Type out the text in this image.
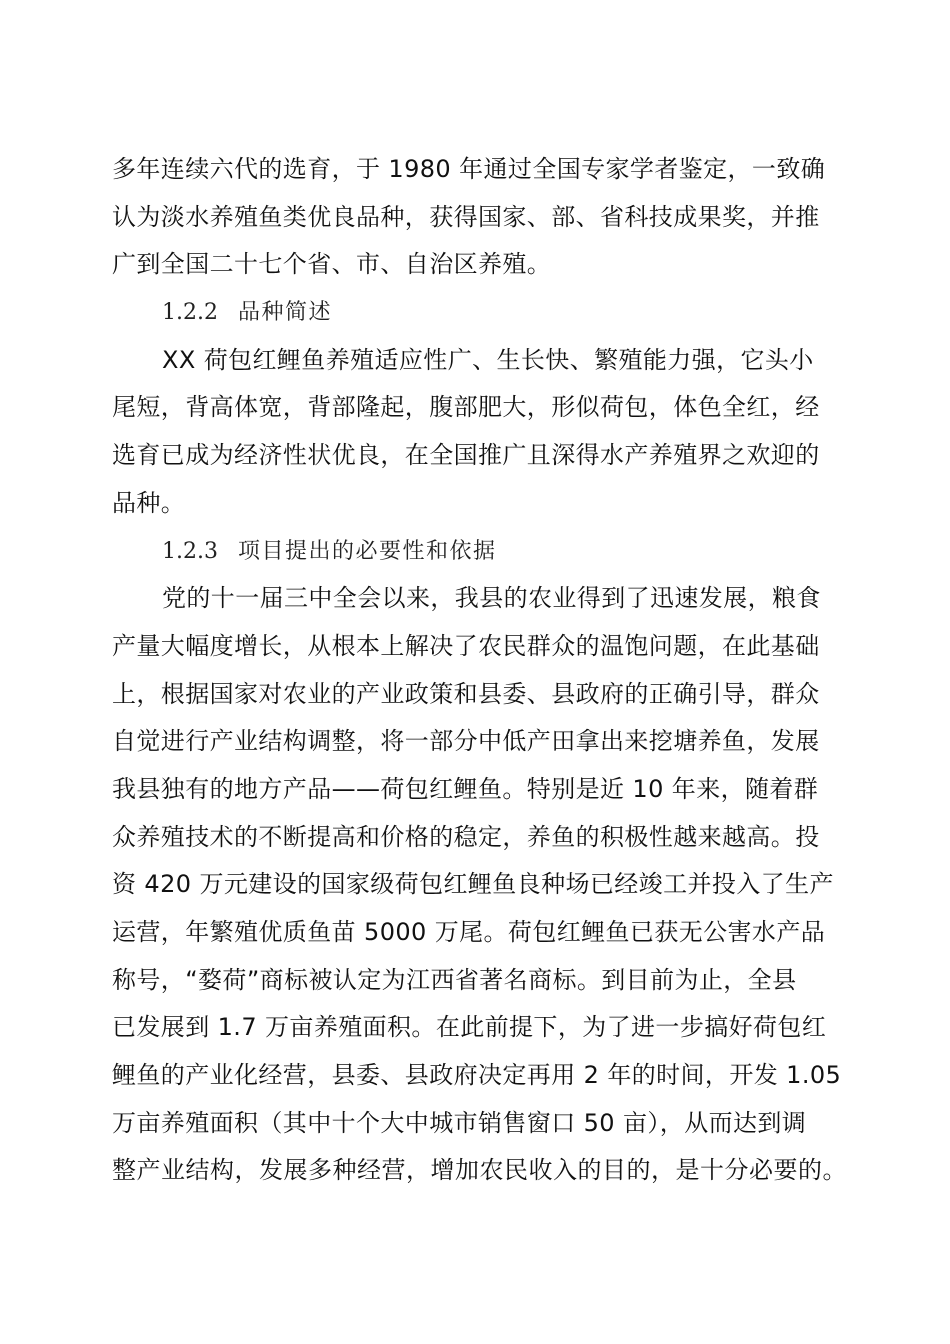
多年连续六代的选育，于 1980 年通过全国专家学者鉴定，一致确
认为淡水养殖鱼类优良品种，获得国家、部、省科技成果奖，并推
广到全国二十七个省、市、自治区养殖。
1.2.2 品种简述
XX 荷包红鲤鱼养殖适应性广、生长快、繁殖能力强，它头小
尾短，背高体宽，背部隆起，腹部肥大，形似荷包，体色全红，经
选育已成为经济性状优良，在全国推广且深得水产养殖界之欢迎的
品种。
1.2.3 项目提出的必要性和依据
党的十一届三中全会以来，我县的农业得到了迅速发展，粮食
产量大幅度增长，从根本上解决了农民群众的温饱问题，在此基础
上，根据国家对农业的产业政策和县委、县政府的正确引导，群众
自觉进行产业结构调整，将一部分中低产田拿出来挖塘养鱼，发展
我县独有的地方产品——荷包红鲤鱼。特别是近 10 年来，随着群
众养殖技术的不断提高和价格的稳定，养鱼的积极性越来越高。投
资 420 万元建设的国家级荷包红鲤鱼良种场已经竣工并投入了生产
运营，年繁殖优质鱼苗 5000 万尾。荷包红鲤鱼已获无公害水产品
称号，“婺荷”商标被认定为江西省著名商标。到目前为止，全县
已发展到 1.7 万亩养殖面积。在此前提下，为了进一步搞好荷包红
鲤鱼的产业化经营，县委、县政府决定再用 2 年的时间，开发 1.05
万亩养殖面积（其中十个大中城市销售窗口 50 亩），从而达到调
整产业结构，发展多种经营，增加农民收入的目的，是十分必要的。
